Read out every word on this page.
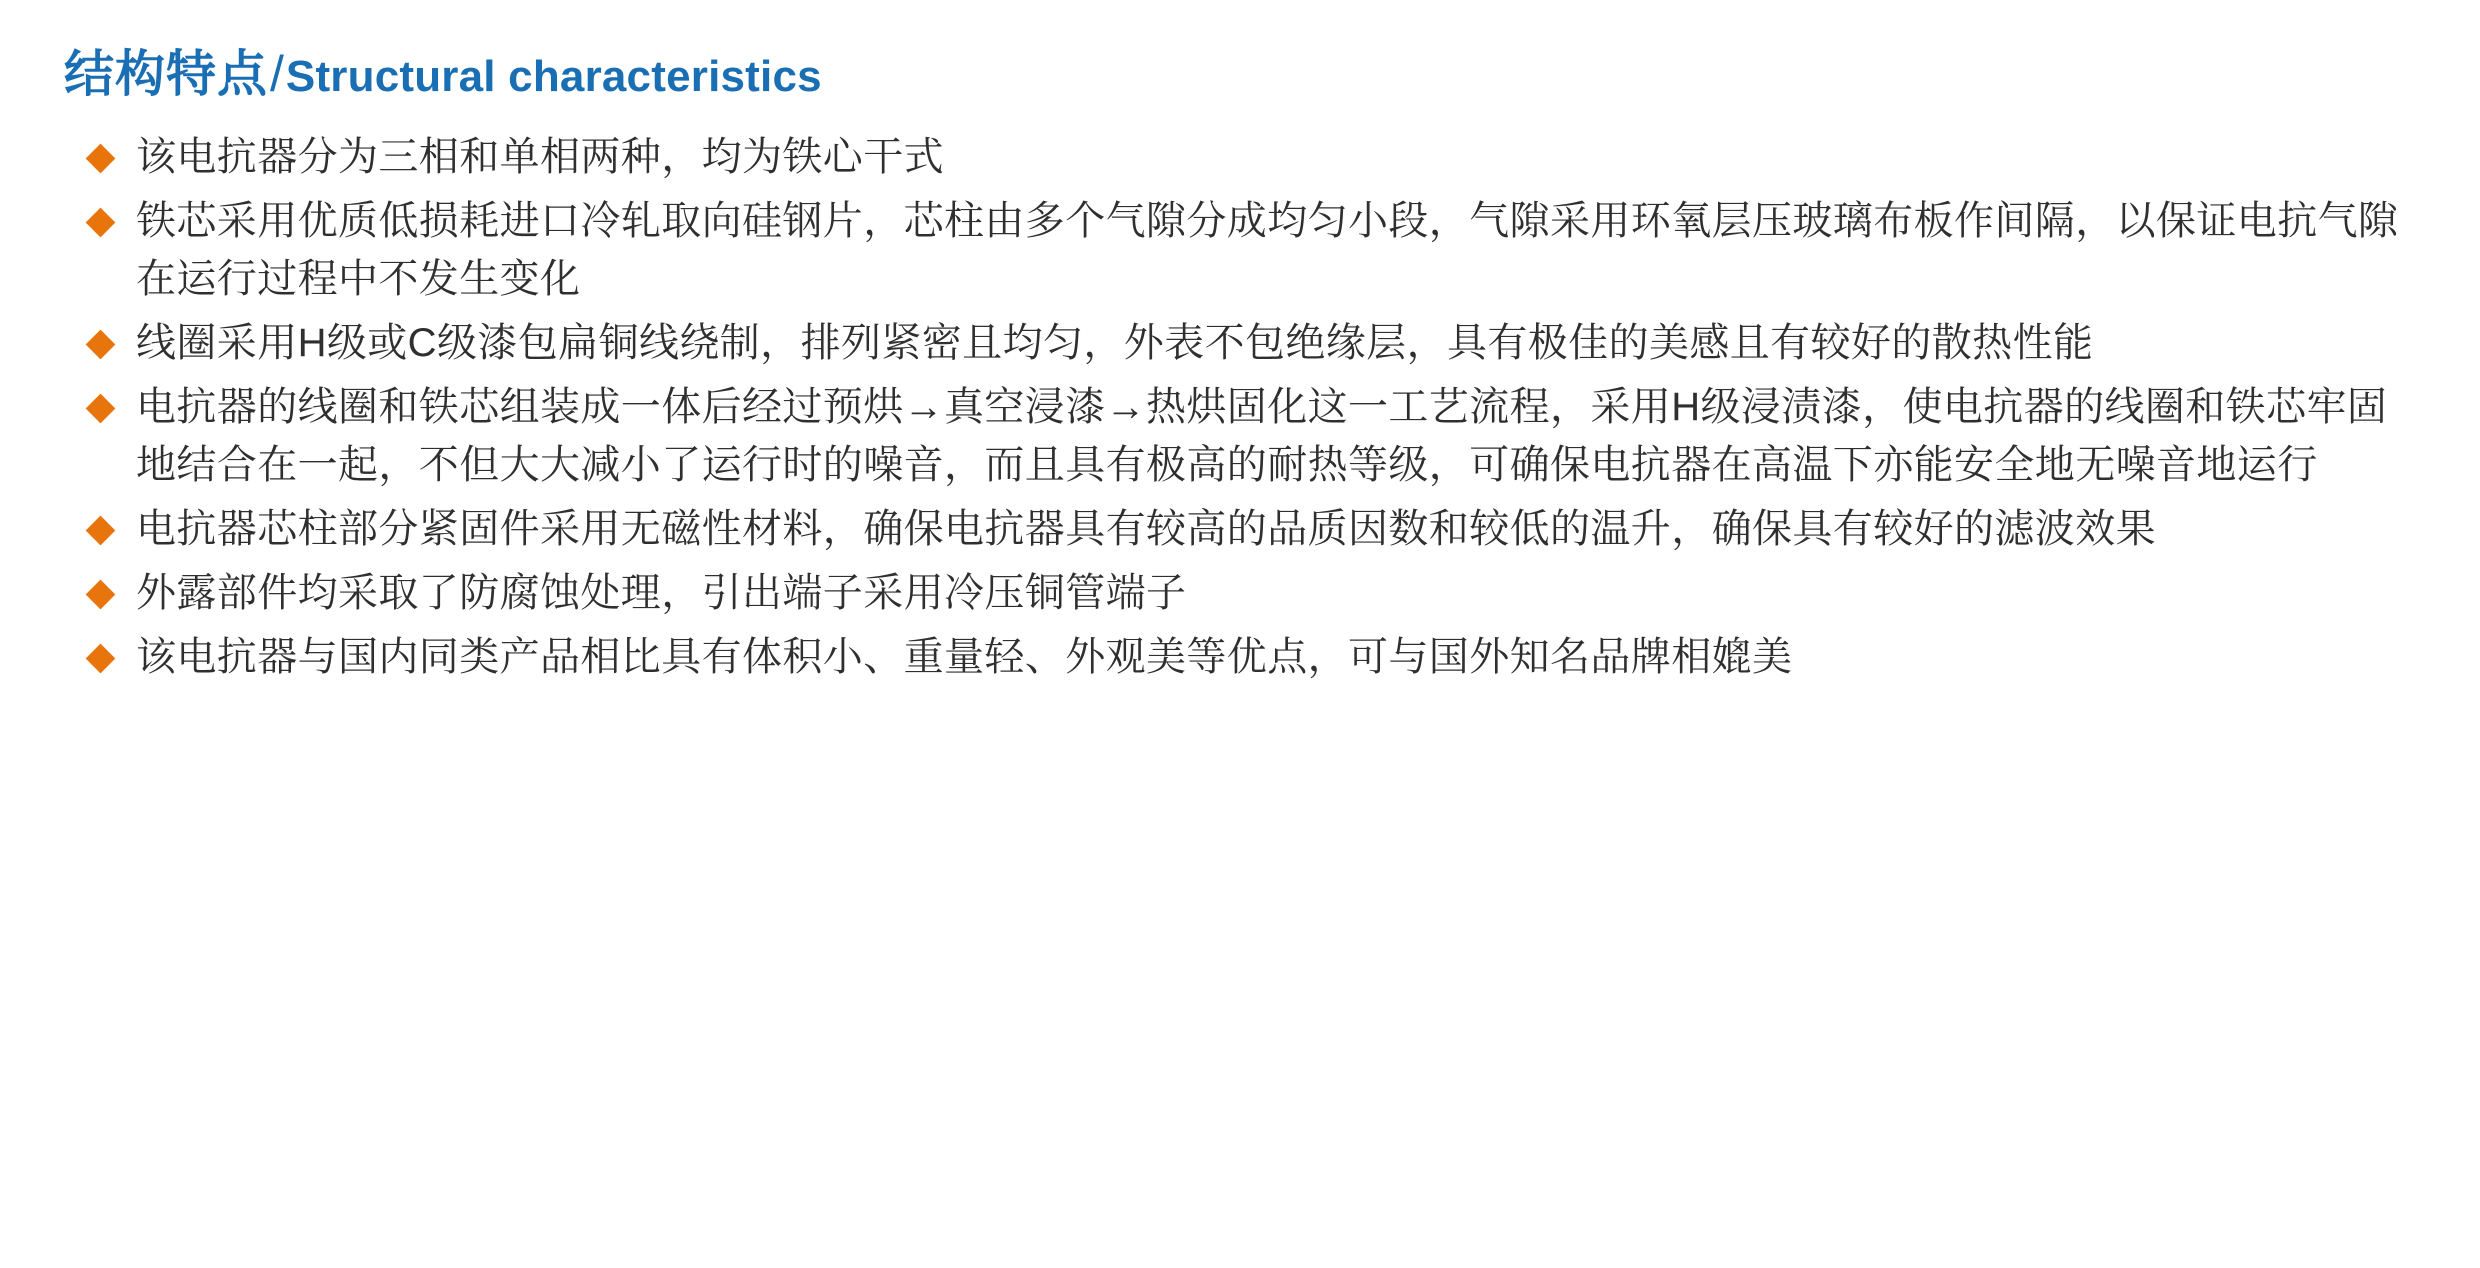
结构特点 / Structural characteristics
该电抗器分为三相和单相两种，均为铁心干式
铁芯采用优质低损耗进口冷轧取向硅钢片，芯柱由多个气隙分成均匀小段，气隙采用环氧层压玻璃布板作间隔，以保证电抗气隙在运行过程中不发生变化
线圈采用H级或C级漆包扁铜线绕制，排列紧密且均匀，外表不包绝缘层，具有极佳的美感且有较好的散热性能
电抗器的线圈和铁芯组装成一体后经过预烘→真空浸漆→热烘固化这一工艺流程，采用H级浸渍漆，使电抗器的线圈和铁芯牢固地结合在一起，不但大大减小了运行时的噪音，而且具有极高的耐热等级，可确保电抗器在高温下亦能安全地无噪音地运行
电抗器芯柱部分紧固件采用无磁性材料，确保电抗器具有较高的品质因数和较低的温升，确保具有较好的滤波效果
外露部件均采取了防腐蚀处理，引出端子采用冷压铜管端子
该电抗器与国内同类产品相比具有体积小、重量轻、外观美等优点，可与国外知名品牌相媲美
